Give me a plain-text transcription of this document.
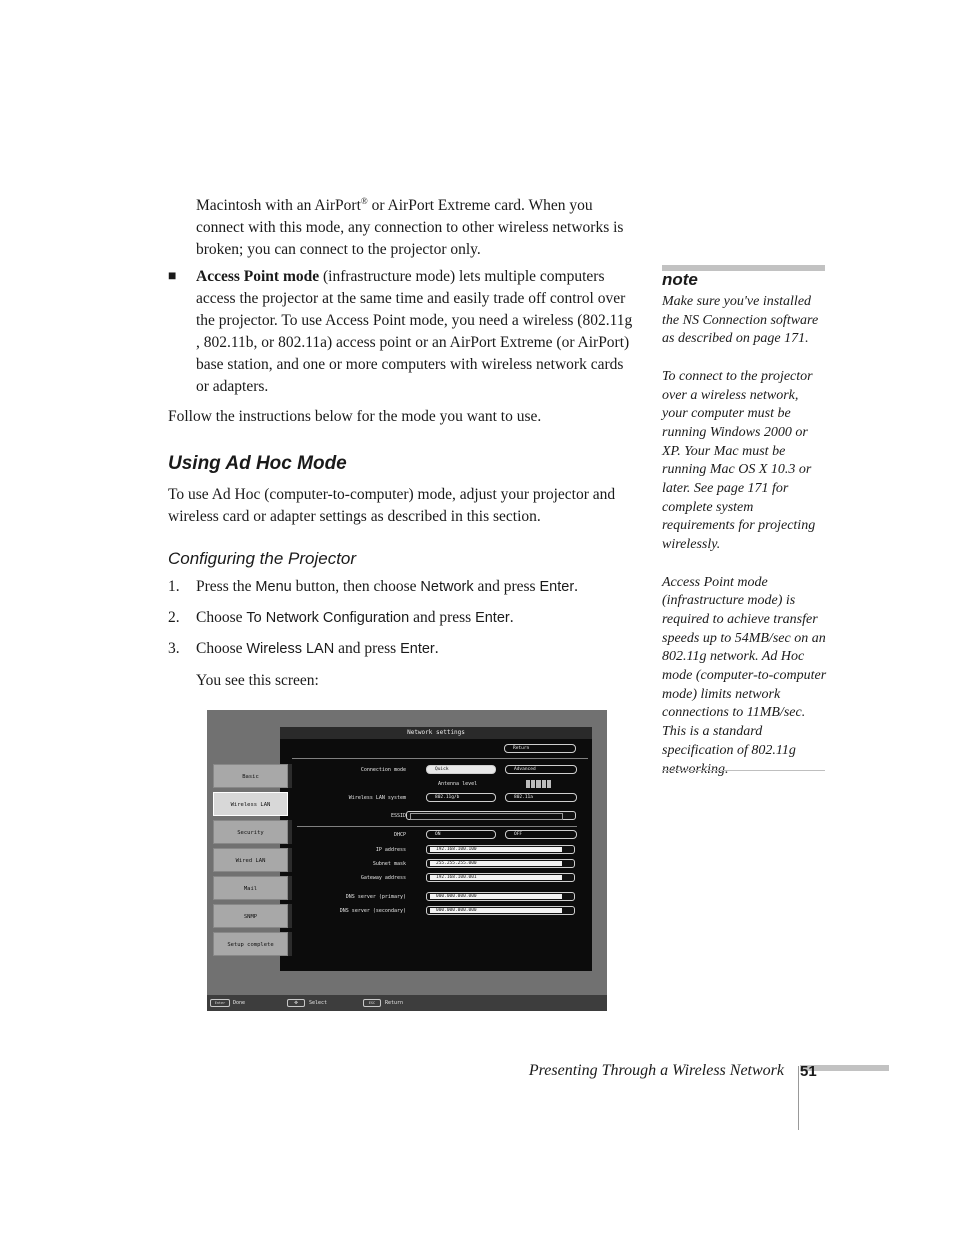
Macintosh with an AirPort® or AirPort Extreme card. When you connect with this mode, any connection to other wireless networks is broken; you can connect to the projector only.
■ Access Point mode (infrastructure mode) lets multiple computers access the projector at the same time and easily trade off control over the projector. To use Access Point mode, you need a wireless (802.11g , 802.11b, or 802.11a) access point or an AirPort Extreme (or AirPort) base station, and one or more computers with wireless network cards or adapters.

Follow the instructions below for the mode you want to use.

Using Ad Hoc Mode

To use Ad Hoc (computer-to-computer) mode, adjust your projector and wireless card or adapter settings as described in this section.

Configuring the Projector
1. Press the Menu button, then choose Network and press Enter.
2. Choose To Network Configuration and press Enter.
3. Choose Wireless LAN and press Enter.

You see this screen:

note

Make sure you've installed the NS Connection software as described on page 171.

To connect to the projector over a wireless network, your computer must be running Windows 2000 or XP. Your Mac must be running Mac OS X 10.3 or later. See page 171 for complete system requirements for projecting wirelessly.

Access Point mode (infrastructure mode) is required to achieve transfer speeds up to 54MB/sec on an 802.11g network. Ad Hoc mode (computer-to-computer mode) limits network connections to 11MB/sec. This is a standard specification of 802.11g

Network settings
Return
Basic
Wireless LAN
Security
Wired LAN
Mail
SNMP
Setup complete
Connection mode	Quick	Advanced
Antenna level
Wireless LAN system	802.11g/b	802.11a
ESSID
DHCP	ON	OFF
IP address	192.168.100.100
Subnet mask	255.255.255.000
Gateway address	192.168.100.001
DNS server (primary)	000.000.000.000
DNS server (secondary)	000.000.000.000
Enter	Done	✥	Select	ESC	Return
Presenting Through a Wireless Network 51
